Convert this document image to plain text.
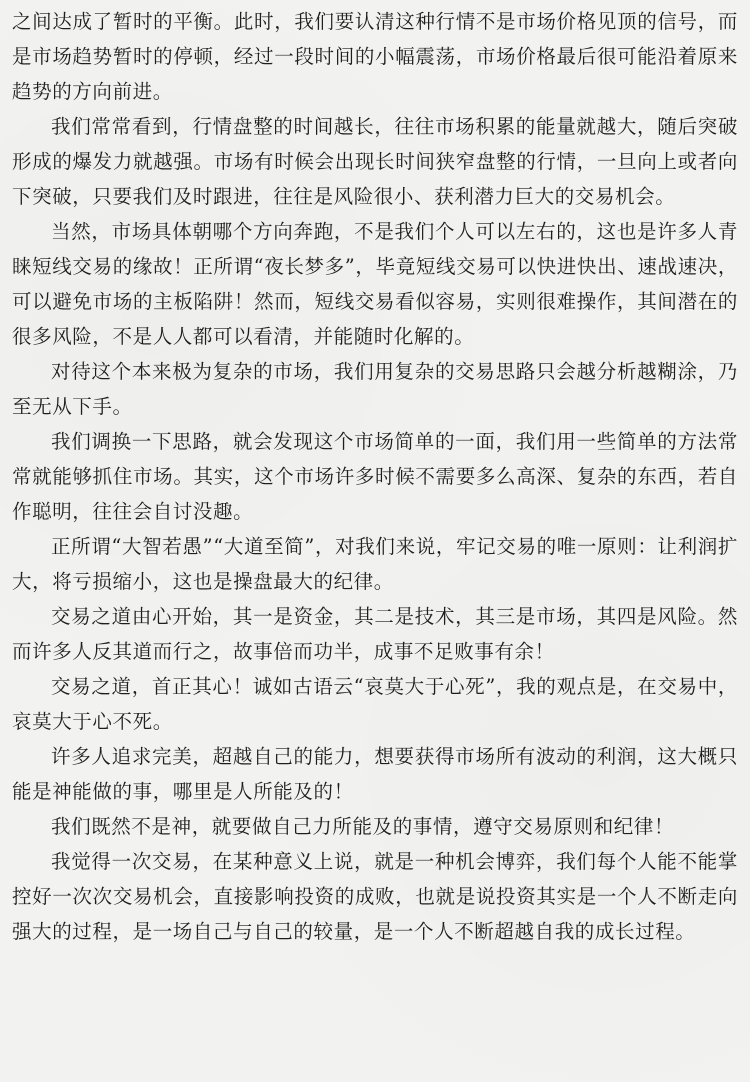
之间达成了暂时的平衡。此时，我们要认清这种行情不是市场价格见顶的信号，而是市场趋势暂时的停顿，经过一段时间的小幅震荡，市场价格最后很可能沿着原来趋势的方向前进。

我们常常看到，行情盘整的时间越长，往往市场积累的能量就越大，随后突破形成的爆发力就越强。市场有时候会出现长时间狭窄盘整的行情，一旦向上或者向下突破，只要我们及时跟进，往往是风险很小、获利潜力巨大的交易机会。

当然，市场具体朝哪个方向奔跑，不是我们个人可以左右的，这也是许多人青睐短线交易的缘故！正所谓“夜长梦多”，毕竟短线交易可以快进快出、速战速决，可以避免市场的主板陷阱！然而，短线交易看似容易，实则很难操作，其间潜在的很多风险，不是人人都可以看清，并能随时化解的。

对待这个本来极为复杂的市场，我们用复杂的交易思路只会越分析越糊涂，乃至无从下手。

我们调换一下思路，就会发现这个市场简单的一面，我们用一些简单的方法常常就能够抓住市场。其实，这个市场许多时候不需要多么高深、复杂的东西，若自作聪明，往往会自讨没趣。

正所谓“大智若愚”“大道至简”，对我们来说，牢记交易的唯一原则：让利润扩大，将亏损缩小，这也是操盘最大的纪律。

交易之道由心开始，其一是资金，其二是技术，其三是市场，其四是风险。然而许多人反其道而行之，故事倍而功半，成事不足败事有余！

交易之道，首正其心！诚如古语云“哀莫大于心死”，我的观点是，在交易中，哀莫大于心不死。

许多人追求完美，超越自己的能力，想要获得市场所有波动的利润，这大概只能是神能做的事，哪里是人所能及的！

我们既然不是神，就要做自己力所能及的事情，遵守交易原则和纪律！

我觉得一次交易，在某种意义上说，就是一种机会博弈，我们每个人能不能掌控好一次次交易机会，直接影响投资的成败，也就是说投资其实是一个人不断走向强大的过程，是一场自己与自己的较量，是一个人不断超越自我的成长过程。
